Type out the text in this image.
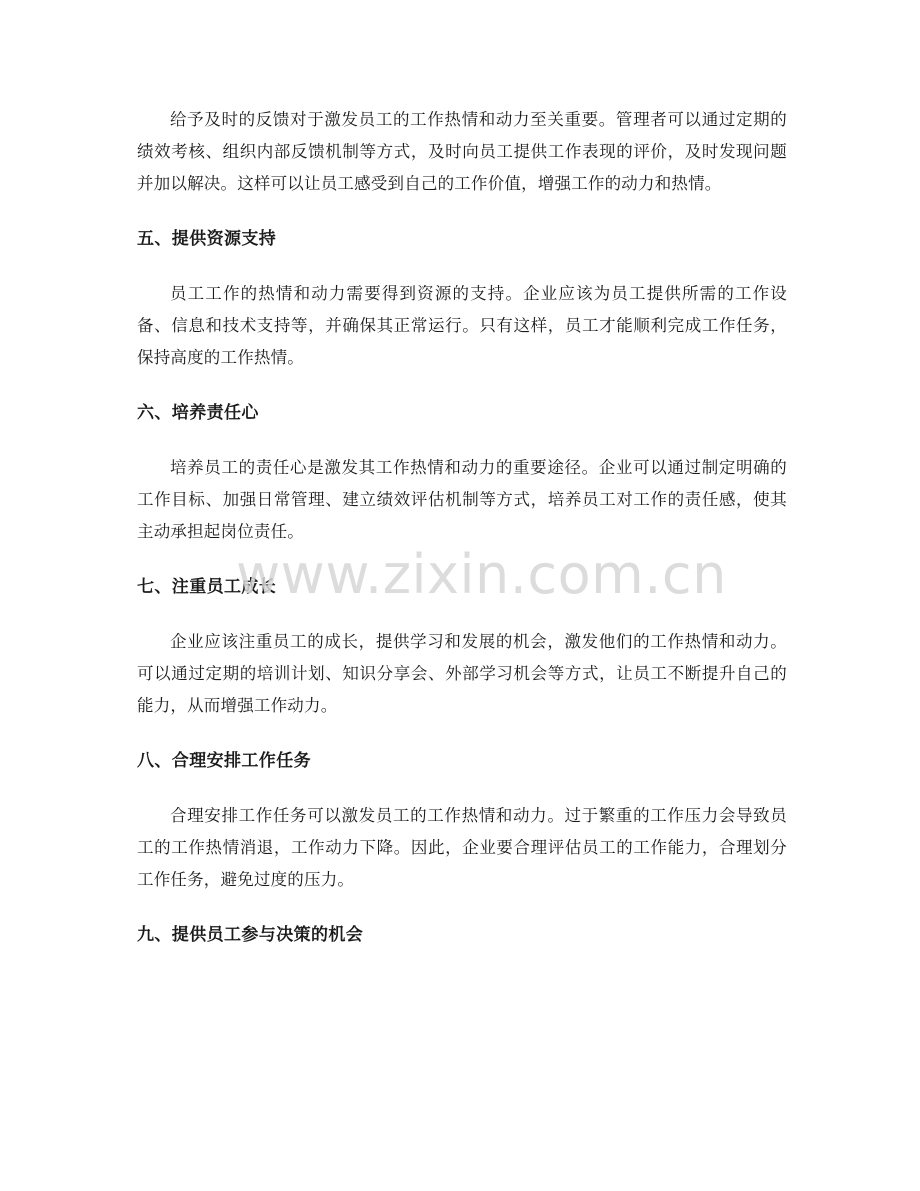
给予及时的反馈对于激发员工的工作热情和动力至关重要。管理者可以通过定期的绩效考核、组织内部反馈机制等方式，及时向员工提供工作表现的评价，及时发现问题并加以解决。这样可以让员工感受到自己的工作价值，增强工作的动力和热情。

五、提供资源支持

员工工作的热情和动力需要得到资源的支持。企业应该为员工提供所需的工作设备、信息和技术支持等，并确保其正常运行。只有这样，员工才能顺利完成工作任务，保持高度的工作热情。

六、培养责任心

培养员工的责任心是激发其工作热情和动力的重要途径。企业可以通过制定明确的工作目标、加强日常管理、建立绩效评估机制等方式，培养员工对工作的责任感，使其主动承担起岗位责任。

七、注重员工成长

企业应该注重员工的成长，提供学习和发展的机会，激发他们的工作热情和动力。可以通过定期的培训计划、知识分享会、外部学习机会等方式，让员工不断提升自己的能力，从而增强工作动力。

八、合理安排工作任务

合理安排工作任务可以激发员工的工作热情和动力。过于繁重的工作压力会导致员工的工作热情消退，工作动力下降。因此，企业要合理评估员工的工作能力，合理划分工作任务，避免过度的压力。

九、提供员工参与决策的机会
www.zixin.com.cn
